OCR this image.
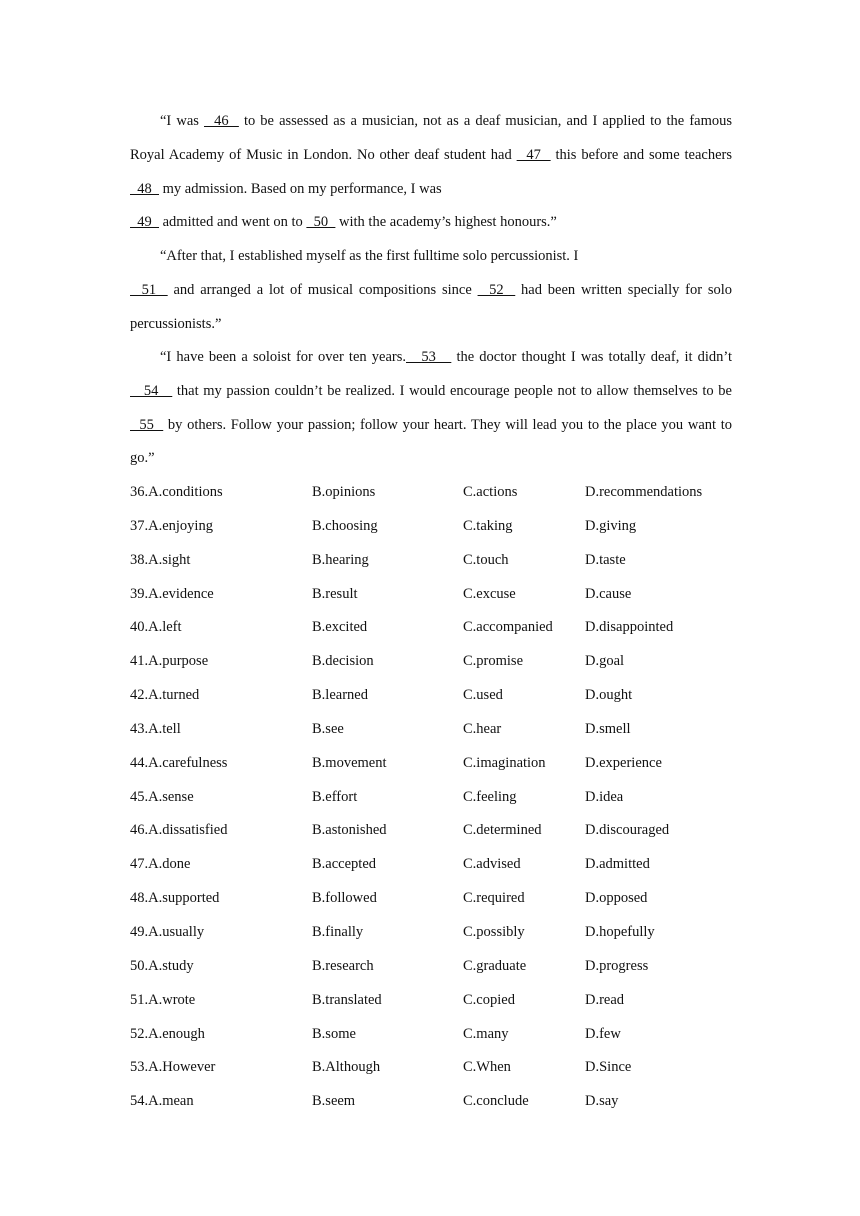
“I was   46   to be assessed as a musician, not as a deaf musician, and I applied to the famous Royal Academy of Music in London. No other deaf student had   47   this before and some teachers   48   my admission. Based on my performance, I was
49   admitted and went on to   50   with the academy’s highest honours.”

“After that, I established myself as the first fulltime solo percussionist. I
51   and arranged a lot of musical compositions since   52   had been written specially for solo percussionists.”

“I have been a soloist for over ten years.   53    the doctor thought I was totally deaf, it didn’t    54    that my passion couldn’t be realized. I would encourage people not to allow themselves to be   55   by others. Follow your passion; follow your heart. They will lead you to the place you want to go.”

36.A.conditions	B.opinions	C.actions	D.recommendations
37.A.enjoying	B.choosing	C.taking	D.giving
38.A.sight	B.hearing	C.touch	D.taste
39.A.evidence	B.result	C.excuse	D.cause
40.A.left	B.excited	C.accompanied D.disappointed
41.A.purpose	B.decision	C.promise	D.goal
42.A.turned	B.learned	C.used	D.ought
43.A.tell	B.see	C.hear	D.smell
44.A.carefulness	B.movement	C.imagination	D.experience
45.A.sense	B.effort	C.feeling	D.idea
46.A.dissatisfied	B.astonished	C.determined	D.discouraged
47.A.done	B.accepted	C.advised	D.admitted
48.A.supported	B.followed	C.required	D.opposed
49.A.usually	B.finally	C.possibly	D.hopefully
50.A.study	B.research	C.graduate	D.progress
51.A.wrote	B.translated	C.copied	D.read
52.A.enough	B.some	C.many	D.few
53.A.However	B.Although	C.When	D.Since
54.A.mean	B.seem	C.conclude	D.say
